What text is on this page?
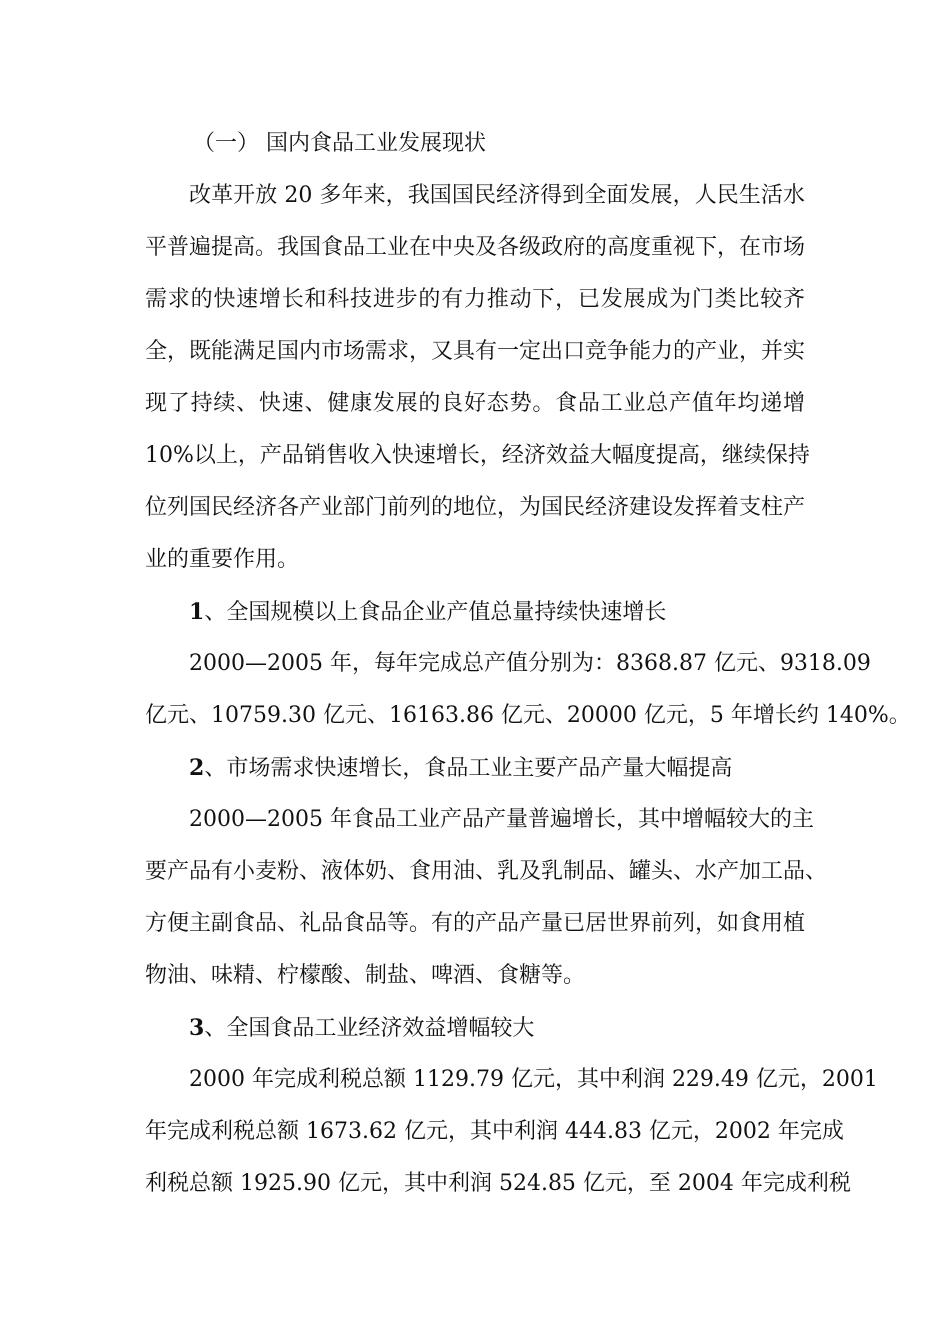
（一） 国内食品工业发展现状
改革开放 20 多年来，我国国民经济得到全面发展，人民生活水
平普遍提高。我国食品工业在中央及各级政府的高度重视下，在市场
需求的快速增长和科技进步的有力推动下，已发展成为门类比较齐
全，既能满足国内市场需求，又具有一定出口竞争能力的产业，并实
现了持续、快速、健康发展的良好态势。食品工业总产值年均递增
10%以上，产品销售收入快速增长，经济效益大幅度提高，继续保持
位列国民经济各产业部门前列的地位，为国民经济建设发挥着支柱产
业的重要作用。
1、全国规模以上食品企业产值总量持续快速增长
2000—2005 年，每年完成总产值分别为：8368.87 亿元、9318.09
亿元、10759.30 亿元、16163.86 亿元、20000 亿元，5 年增长约 140%。
2、市场需求快速增长，食品工业主要产品产量大幅提高
2000—2005 年食品工业产品产量普遍增长，其中增幅较大的主
要产品有小麦粉、液体奶、食用油、乳及乳制品、罐头、水产加工品、
方便主副食品、礼品食品等。有的产品产量已居世界前列，如食用植
物油、味精、柠檬酸、制盐、啤酒、食糖等。
3、全国食品工业经济效益增幅较大
2000 年完成利税总额 1129.79 亿元，其中利润 229.49 亿元，2001
年完成利税总额 1673.62 亿元，其中利润 444.83 亿元，2002 年完成
利税总额 1925.90 亿元，其中利润 524.85 亿元，至 2004 年完成利税
